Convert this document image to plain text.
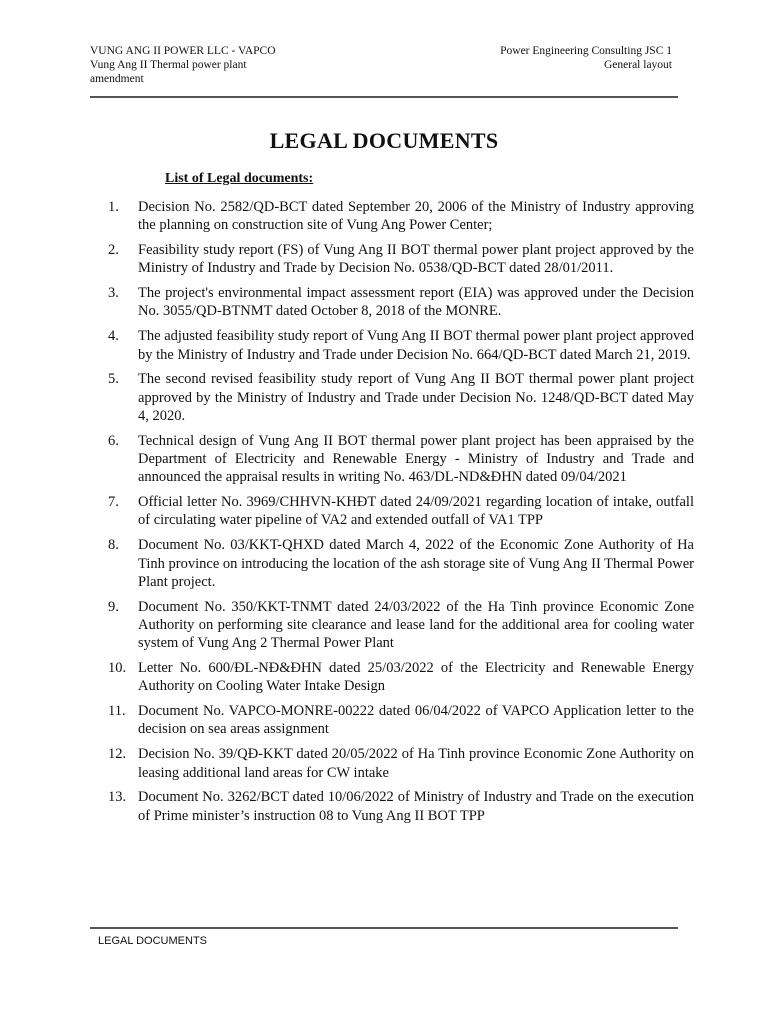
VUNG ANG II POWER LLC - VAPCO
Vung Ang II Thermal power plant
amendment
Power Engineering Consulting JSC 1
General layout
LEGAL DOCUMENTS
List of Legal documents:
1.	Decision No. 2582/QD-BCT dated September 20, 2006 of the Ministry of Industry approving the planning on construction site of Vung Ang Power Center;
2.	Feasibility study report (FS) of Vung Ang II BOT thermal power plant project approved by the Ministry of Industry and Trade by Decision No. 0538/QD-BCT dated 28/01/2011.
3.	The project's environmental impact assessment report (EIA) was approved under the Decision No. 3055/QD-BTNMT dated October 8, 2018 of the MONRE.
4.	The adjusted feasibility study report of Vung Ang II BOT thermal power plant project approved by the Ministry of Industry and Trade under Decision No. 664/QD-BCT dated March 21, 2019.
5.	The second revised feasibility study report of Vung Ang II BOT thermal power plant project approved by the Ministry of Industry and Trade under Decision No. 1248/QD-BCT dated May 4, 2020.
6.	Technical design of Vung Ang II BOT thermal power plant project has been appraised by the Department of Electricity and Renewable Energy - Ministry of Industry and Trade and announced the appraisal results in writing No. 463/DL-ND&ĐHN dated 09/04/2021
7.	Official letter No. 3969/CHHVN-KHĐT dated 24/09/2021 regarding location of intake, outfall of circulating water pipeline of VA2 and extended outfall of VA1 TPP
8.	Document No. 03/KKT-QHXD dated March 4, 2022 of the Economic Zone Authority of Ha Tinh province on introducing the location of the ash storage site of Vung Ang II Thermal Power Plant project.
9.	Document No. 350/KKT-TNMT dated 24/03/2022 of the Ha Tinh province Economic Zone Authority on performing site clearance and lease land for the additional area for cooling water system of Vung Ang 2 Thermal Power Plant
10. Letter No. 600/ĐL-NĐ&ĐHN dated 25/03/2022 of the Electricity and Renewable Energy Authority on Cooling Water Intake Design
11. Document No. VAPCO-MONRE-00222 dated 06/04/2022 of VAPCO Application letter to the decision on sea areas assignment
12. Decision No. 39/QĐ-KKT dated 20/05/2022 of Ha Tinh province Economic Zone Authority on leasing additional land areas for CW intake
13. Document No. 3262/BCT dated 10/06/2022 of Ministry of Industry and Trade on the execution of Prime minister’s instruction 08 to Vung Ang II BOT TPP
LEGAL DOCUMENTS
